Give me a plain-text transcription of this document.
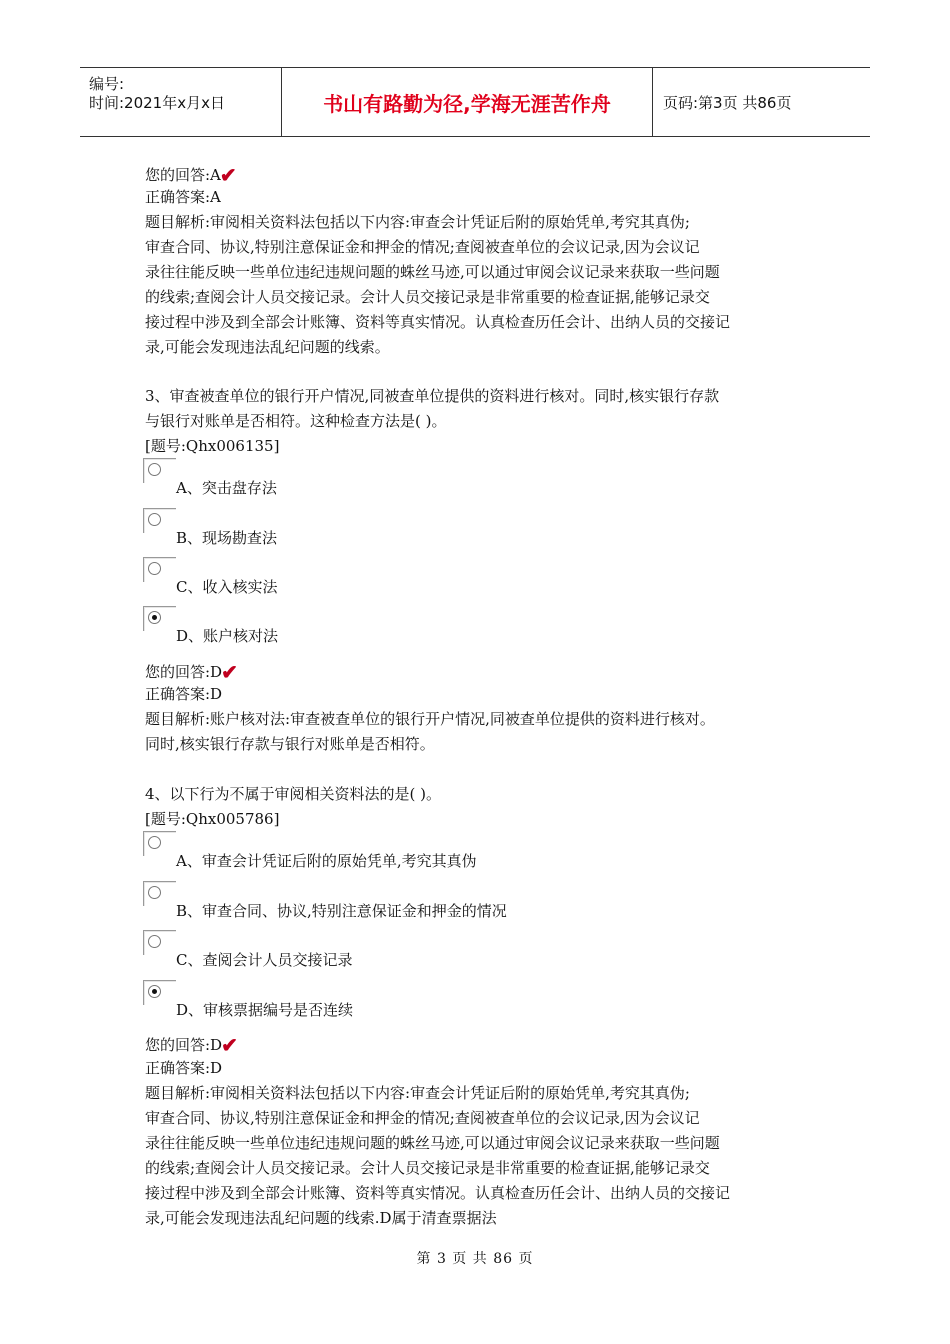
编号:
时间:2021年x月x日	书山有路勤为径,学海无涯苦作舟	页码:第3页 共86页
您的回答:A✔
正确答案:A
题目解析:审阅相关资料法包括以下内容:审查会计凭证后附的原始凭单,考究其真伪;
审查合同、协议,特别注意保证金和押金的情况;查阅被查单位的会议记录,因为会议记
录往往能反映一些单位违纪违规问题的蛛丝马迹,可以通过审阅会议记录来获取一些问题
的线索;查阅会计人员交接记录。会计人员交接记录是非常重要的检查证据,能够记录交
接过程中涉及到全部会计账簿、资料等真实情况。认真检查历任会计、出纳人员的交接记
录,可能会发现违法乱纪问题的线索。
3、审查被查单位的银行开户情况,同被查单位提供的资料进行核对。同时,核实银行存款
与银行对账单是否相符。这种检查方法是( )。
[题号:Qhx006135]
A、突击盘存法
B、现场勘查法
C、收入核实法
D、账户核对法
您的回答:D✔
正确答案:D
题目解析:账户核对法:审查被查单位的银行开户情况,同被查单位提供的资料进行核对。
同时,核实银行存款与银行对账单是否相符。
4、以下行为不属于审阅相关资料法的是( )。
[题号:Qhx005786]
A、审查会计凭证后附的原始凭单,考究其真伪
B、审查合同、协议,特别注意保证金和押金的情况
C、查阅会计人员交接记录
D、审核票据编号是否连续
您的回答:D✔
正确答案:D
题目解析:审阅相关资料法包括以下内容:审查会计凭证后附的原始凭单,考究其真伪;
审查合同、协议,特别注意保证金和押金的情况;查阅被查单位的会议记录,因为会议记
录往往能反映一些单位违纪违规问题的蛛丝马迹,可以通过审阅会议记录来获取一些问题
的线索;查阅会计人员交接记录。会计人员交接记录是非常重要的检查证据,能够记录交
接过程中涉及到全部会计账簿、资料等真实情况。认真检查历任会计、出纳人员的交接记
录,可能会发现违法乱纪问题的线索.D属于清查票据法
第 3 页 共 86 页
